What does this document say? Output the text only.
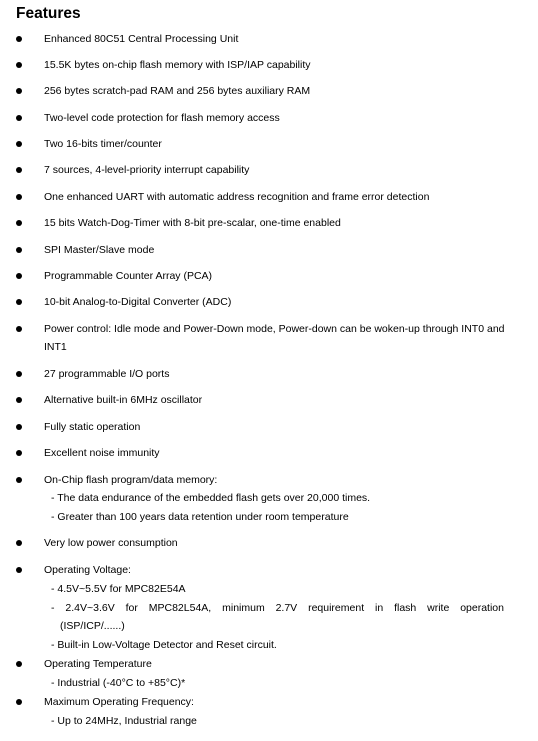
Features
Enhanced 80C51 Central Processing Unit
15.5K bytes on-chip flash memory with ISP/IAP capability
256 bytes scratch-pad RAM and 256 bytes auxiliary RAM
Two-level code protection for flash memory access
Two 16-bits timer/counter
7 sources, 4-level-priority interrupt capability
One enhanced UART with automatic address recognition and frame error detection
15 bits Watch-Dog-Timer with 8-bit pre-scalar, one-time enabled
SPI Master/Slave mode
Programmable Counter Array (PCA)
10-bit Analog-to-Digital Converter (ADC)
Power control: Idle mode and Power-Down mode, Power-down can be woken-up through INT0 and INT1
27 programmable I/O ports
Alternative built-in 6MHz oscillator
Fully static operation
Excellent noise immunity
On-Chip flash program/data memory:
- The data endurance of the embedded flash gets over 20,000 times.
- Greater than 100 years data retention under room temperature
Very low power consumption
Operating Voltage:
- 4.5V~5.5V for MPC82E54A
- 2.4V~3.6V for MPC82L54A, minimum 2.7V requirement in flash write operation
(ISP/ICP/......)
- Built-in Low-Voltage Detector and Reset circuit.
Operating Temperature
- Industrial (-40°C to +85°C)*
Maximum Operating Frequency:
- Up to 24MHz, Industrial range
